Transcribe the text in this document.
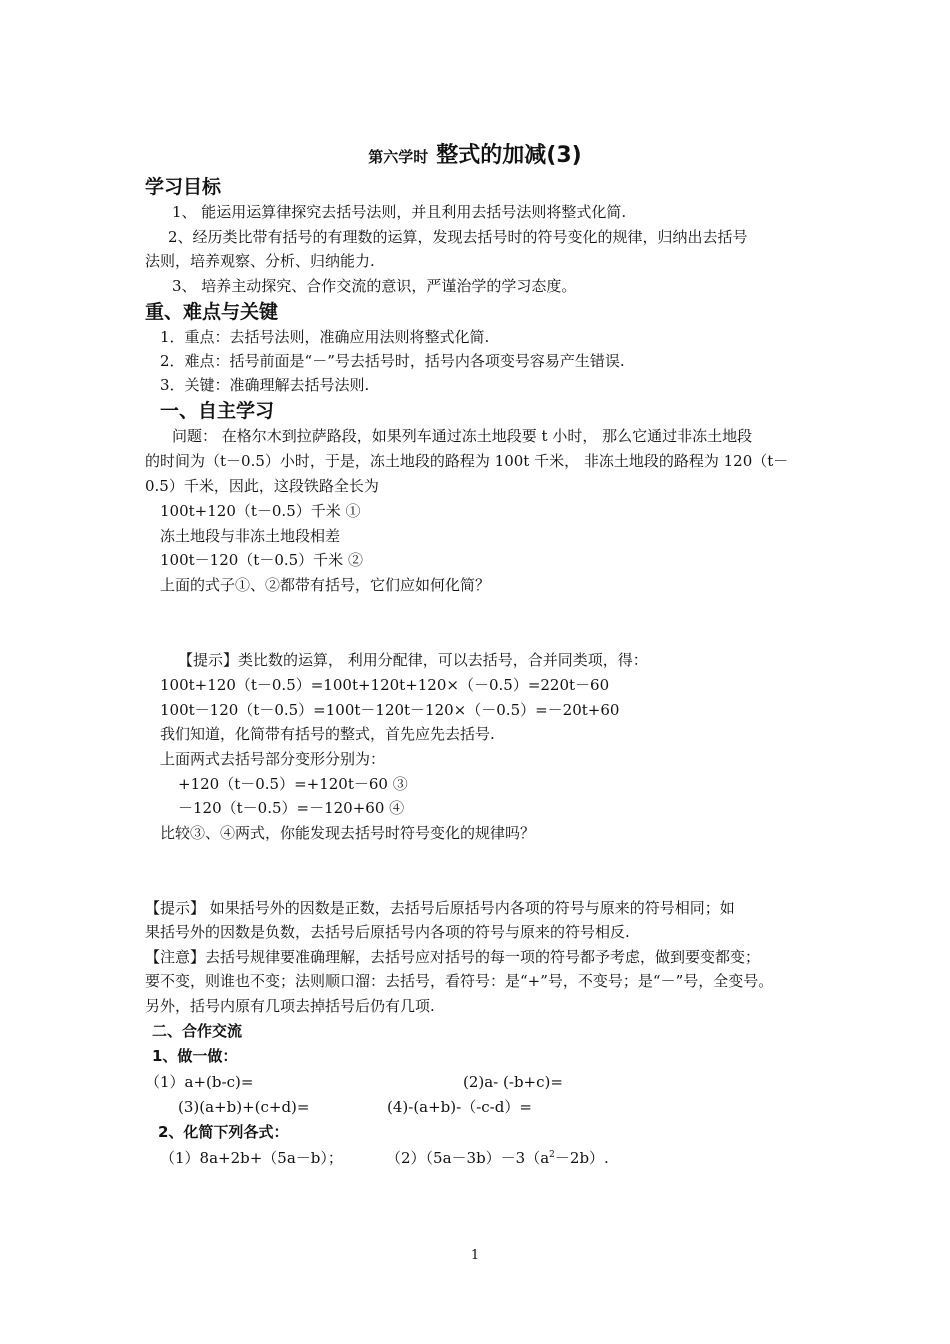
第六学时 整式的加减(3)
学习目标
1、 能运用运算律探究去括号法则，并且利用去括号法则将整式化简.
2、经历类比带有括号的有理数的运算，发现去括号时的符号变化的规律，归纳出去括号
法则，培养观察、分析、归纳能力.
3、 培养主动探究、合作交流的意识，严谨治学的学习态度。
重、难点与关键
1．重点：去括号法则，准确应用法则将整式化简.
2．难点：括号前面是“－”号去括号时，括号内各项变号容易产生错误.
3．关键：准确理解去括号法则.
一、自主学习
问题： 在格尔木到拉萨路段，如果列车通过冻土地段要 t 小时， 那么它通过非冻土地段
的时间为（t－0.5）小时，于是，冻土地段的路程为 100t 千米， 非冻土地段的路程为 120（t－
0.5）千米，因此，这段铁路全长为
100t+120（t－0.5）千米 ①
冻土地段与非冻土地段相差
100t－120（t－0.5）千米 ②
上面的式子①、②都带有括号，它们应如何化简？
【提示】类比数的运算， 利用分配律，可以去括号，合并同类项，得：
100t+120（t－0.5）=100t+120t+120×（－0.5）=220t－60
100t－120（t－0.5）=100t－120t－120×（－0.5）=－20t+60
我们知道，化简带有括号的整式，首先应先去括号.
上面两式去括号部分变形分别为：
+120（t－0.5）=+120t－60 ③
－120（t－0.5）=－120+60 ④
比较③、④两式，你能发现去括号时符号变化的规律吗？
【提示】 如果括号外的因数是正数，去括号后原括号内各项的符号与原来的符号相同；如
果括号外的因数是负数，去括号后原括号内各项的符号与原来的符号相反.
【注意】去括号规律要准确理解，去括号应对括号的每一项的符号都予考虑，做到要变都变；
要不变，则谁也不变；法则顺口溜：去括号，看符号：是“+”号，不变号；是“－”号，全变号。
另外，括号内原有几项去掉括号后仍有几项.
二、合作交流
1、做一做：
（1）a+(b-c)=	(2)a- (-b+c)=
(3)(a+b)+(c+d)=	(4)-(a+b)-（-c-d）=
2、化简下列各式：
（1）8a+2b+（5a－b）；	$(2)(5a-3b)-3(a^2-2b)$.
1
